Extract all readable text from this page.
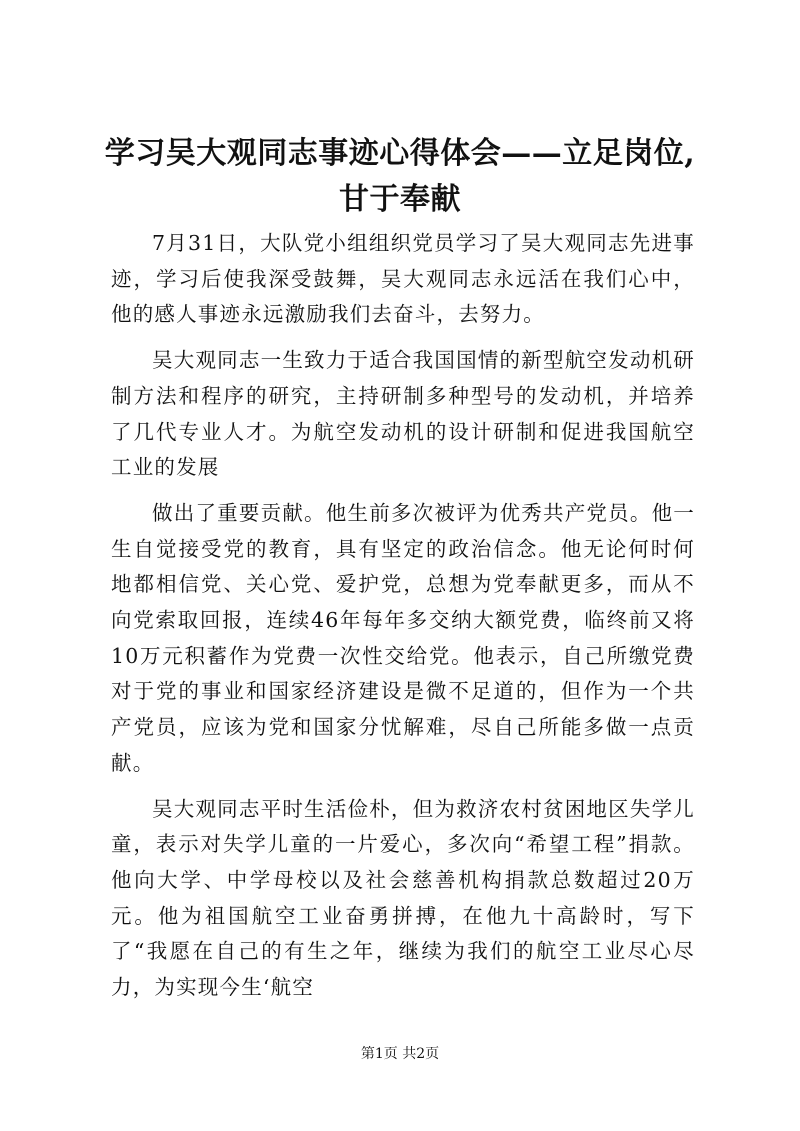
学习吴大观同志事迹心得体会——立足岗位,
甘于奉献

7月31日，大队党小组组织党员学习了吴大观同志先进事迹，学习后使我深受鼓舞，吴大观同志永远活在我们心中，他的感人事迹永远激励我们去奋斗，去努力。

吴大观同志一生致力于适合我国国情的新型航空发动机研制方法和程序的研究，主持研制多种型号的发动机，并培养了几代专业人才。为航空发动机的设计研制和促进我国航空工业的发展

做出了重要贡献。他生前多次被评为优秀共产党员。他一生自觉接受党的教育，具有坚定的政治信念。他无论何时何地都相信党、关心党、爱护党，总想为党奉献更多，而从不向党索取回报，连续46年每年多交纳大额党费，临终前又将10万元积蓄作为党费一次性交给党。他表示，自己所缴党费对于党的事业和国家经济建设是微不足道的，但作为一个共产党员，应该为党和国家分忧解难，尽自己所能多做一点贡献。

吴大观同志平时生活俭朴，但为救济农村贫困地区失学儿童，表示对失学儿童的一片爱心，多次向“希望工程”捐款。他向大学、中学母校以及社会慈善机构捐款总数超过20万元。他为祖国航空工业奋勇拼搏，在他九十高龄时，写下了“我愿在自己的有生之年，继续为我们的航空工业尽心尽力，为实现今生‘航空

第1页 共2页
